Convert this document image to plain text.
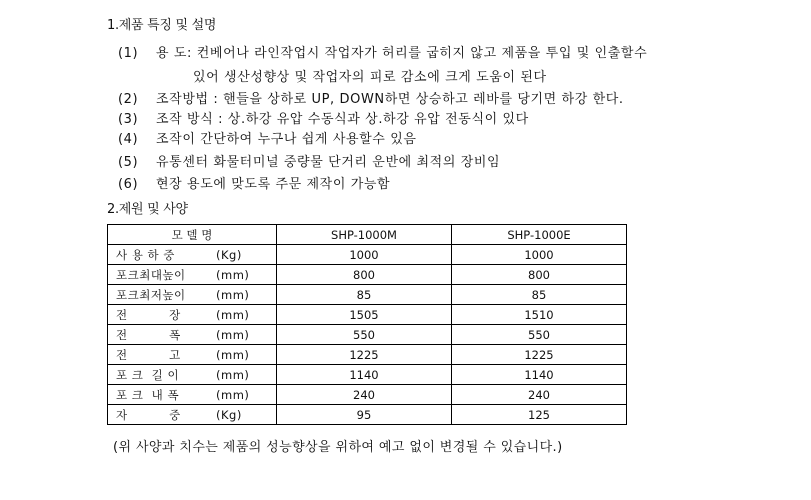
1.제품 특징 및 설명
(1) 용 도: 컨베어나 라인작업시 작업자가 허리를 굽히지 않고 제품을 투입 및 인출할수
있어 생산성향상 및 작업자의 피로 감소에 크게 도움이 된다
(2) 조작방법 : 핸들을 상하로 UP, DOWN하면 상승하고 레바를 당기면 하강 한다.
(3) 조작 방식 : 상.하강 유압 수동식과 상.하강 유압 전동식이 있다
(4) 조작이 간단하여 누구나 쉽게 사용할수 있음
(5) 유통센터 화물터미널 중량물 단거리 운반에 최적의 장비임
(6) 현장 용도에 맞도록 주문 제작이 가능함
2.제원 및 사양
모 델 명	SHP-1000M	SHP-1000E
사 용 하 중 (Kg)	1000	1000
포크최대높이 (mm)	800	800
포크최저높이 (mm)	85	85
전          장 (mm)	1505	1510
전          폭 (mm)	550	550
전          고 (mm)	1225	1225
포 크  길 이 (mm)	1140	1140
포 크  내 폭 (mm)	240	240
자          중 (Kg)	95	125
(위 사양과 치수는 제품의 성능향상을 위하여 예고 없이 변경될 수 있습니다.)
